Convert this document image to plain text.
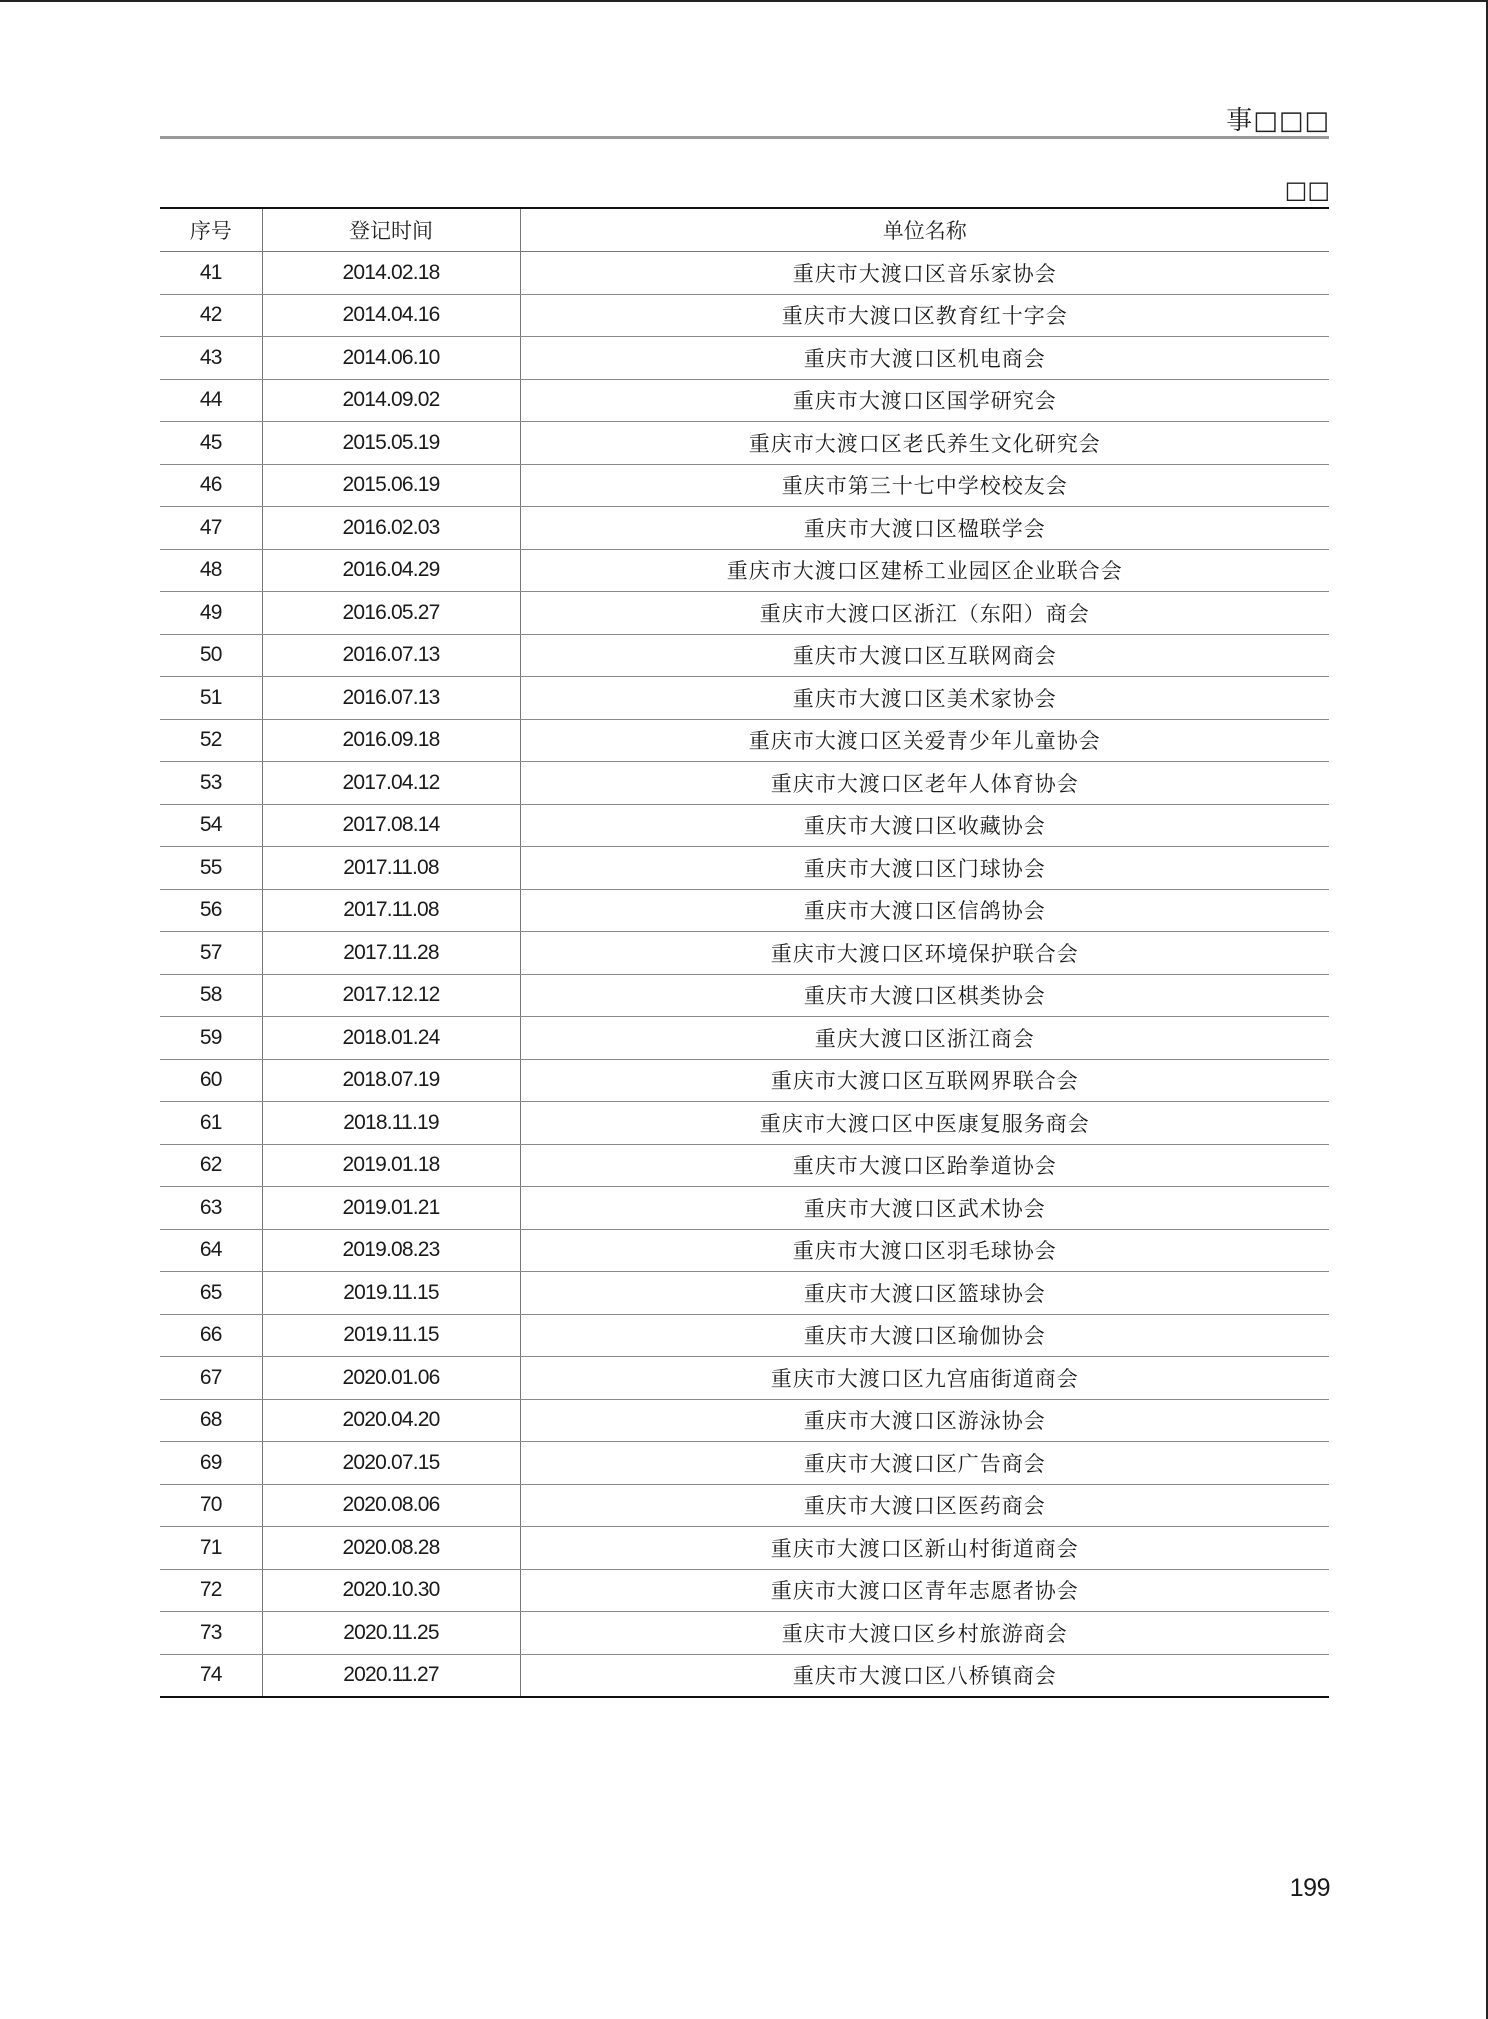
事□□□
□□
序号	登记时间	单位名称
41	2014.02.18	重庆市大渡口区音乐家协会
42	2014.04.16	重庆市大渡口区教育红十字会
43	2014.06.10	重庆市大渡口区机电商会
44	2014.09.02	重庆市大渡口区国学研究会
45	2015.05.19	重庆市大渡口区老氏养生文化研究会
46	2015.06.19	重庆市第三十七中学校校友会
47	2016.02.03	重庆市大渡口区楹联学会
48	2016.04.29	重庆市大渡口区建桥工业园区企业联合会
49	2016.05.27	重庆市大渡口区浙江（东阳）商会
50	2016.07.13	重庆市大渡口区互联网商会
51	2016.07.13	重庆市大渡口区美术家协会
52	2016.09.18	重庆市大渡口区关爱青少年儿童协会
53	2017.04.12	重庆市大渡口区老年人体育协会
54	2017.08.14	重庆市大渡口区收藏协会
55	2017.11.08	重庆市大渡口区门球协会
56	2017.11.08	重庆市大渡口区信鸽协会
57	2017.11.28	重庆市大渡口区环境保护联合会
58	2017.12.12	重庆市大渡口区棋类协会
59	2018.01.24	重庆大渡口区浙江商会
60	2018.07.19	重庆市大渡口区互联网界联合会
61	2018.11.19	重庆市大渡口区中医康复服务商会
62	2019.01.18	重庆市大渡口区跆拳道协会
63	2019.01.21	重庆市大渡口区武术协会
64	2019.08.23	重庆市大渡口区羽毛球协会
65	2019.11.15	重庆市大渡口区篮球协会
66	2019.11.15	重庆市大渡口区瑜伽协会
67	2020.01.06	重庆市大渡口区九宫庙街道商会
68	2020.04.20	重庆市大渡口区游泳协会
69	2020.07.15	重庆市大渡口区广告商会
70	2020.08.06	重庆市大渡口区医药商会
71	2020.08.28	重庆市大渡口区新山村街道商会
72	2020.10.30	重庆市大渡口区青年志愿者协会
73	2020.11.25	重庆市大渡口区乡村旅游商会
74	2020.11.27	重庆市大渡口区八桥镇商会
199
